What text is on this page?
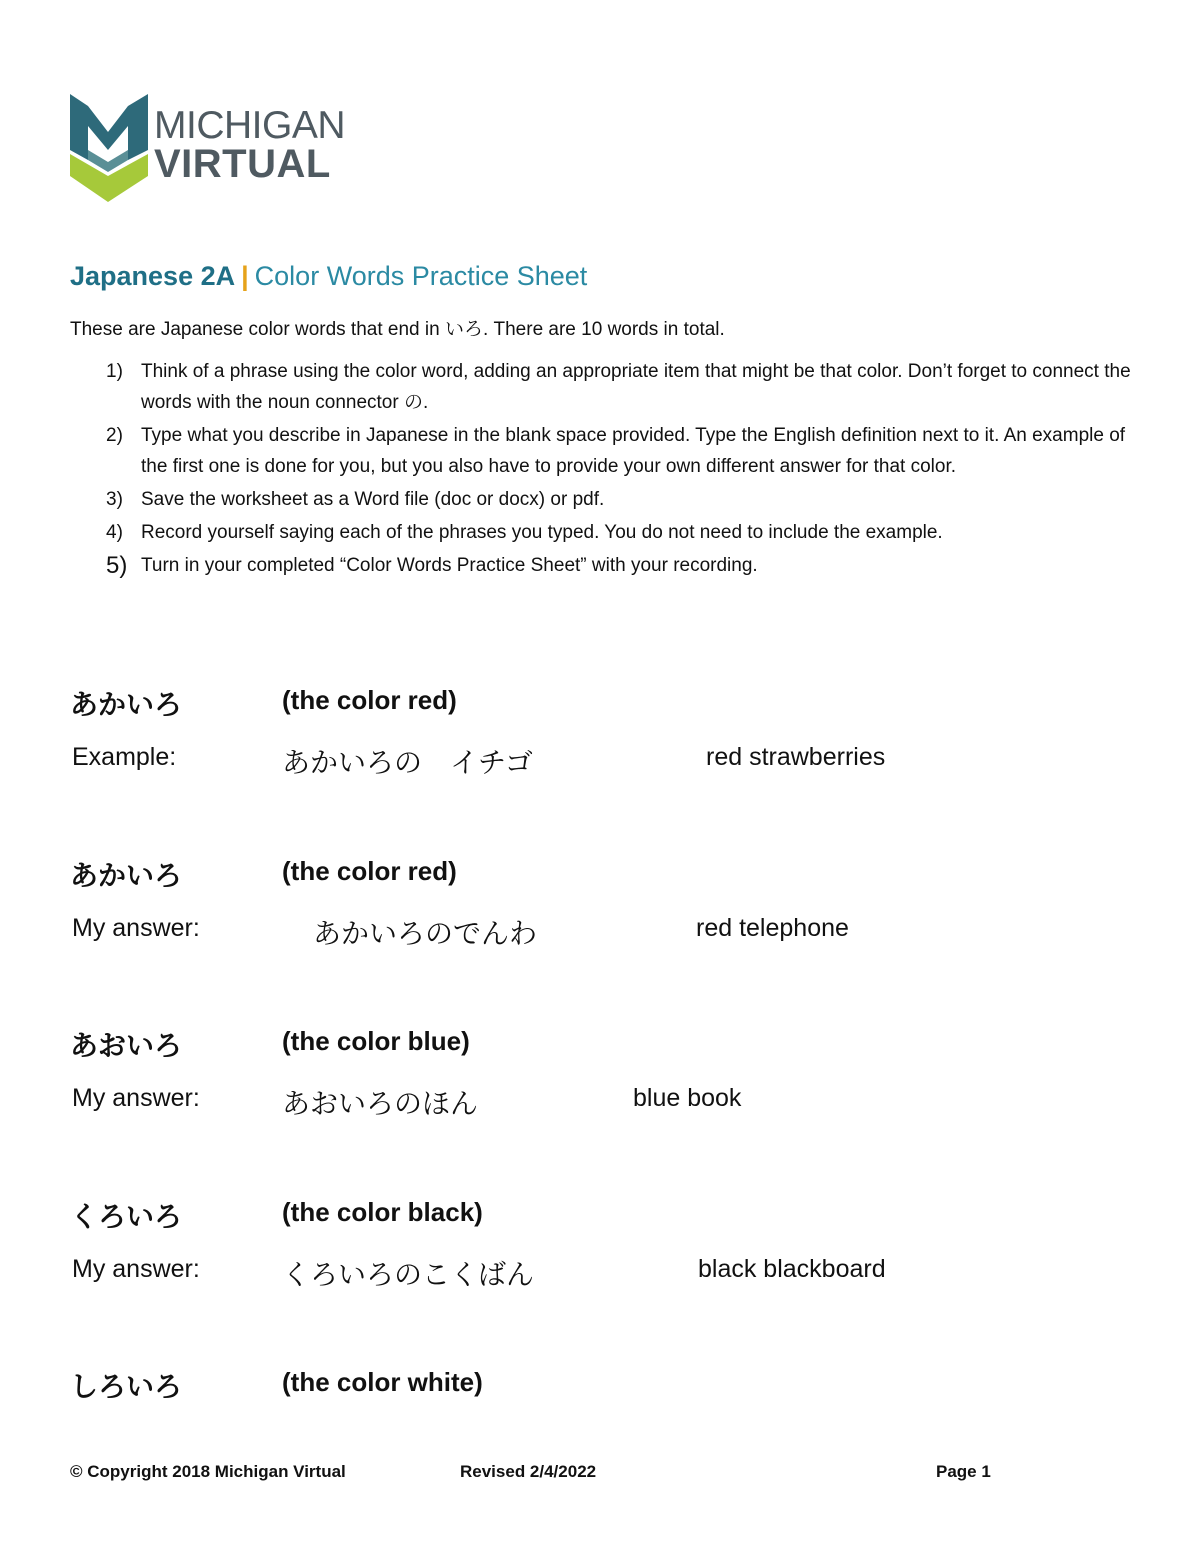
MICHIGAN
VIRTUAL
Japanese 2A | Color Words Practice Sheet
These are Japanese color words that end in いろ. There are 10 words in total.
1) Think of a phrase using the color word, adding an appropriate item that might be that color. Don’t forget to connect the words with the noun connector の.
2) Type what you describe in Japanese in the blank space provided. Type the English definition next to it. An example of the first one is done for you, but you also have to provide your own different answer for that color.
3) Save the worksheet as a Word file (doc or docx) or pdf.
4) Record yourself saying each of the phrases you typed. You do not need to include the example.
5) Turn in your completed “Color Words Practice Sheet” with your recording.
あかいろ	(the color red)
Example:	あかいろの　イチゴ	red strawberries
あかいろ	(the color red)
My answer:	あかいろのでんわ	red telephone
あおいろ	(the color blue)
My answer:	あおいろのほん	blue book
くろいろ	(the color black)
My answer:	くろいろのこくばん	black blackboard
しろいろ	(the color white)
© Copyright 2018 Michigan Virtual	Revised 2/4/2022	Page 1
